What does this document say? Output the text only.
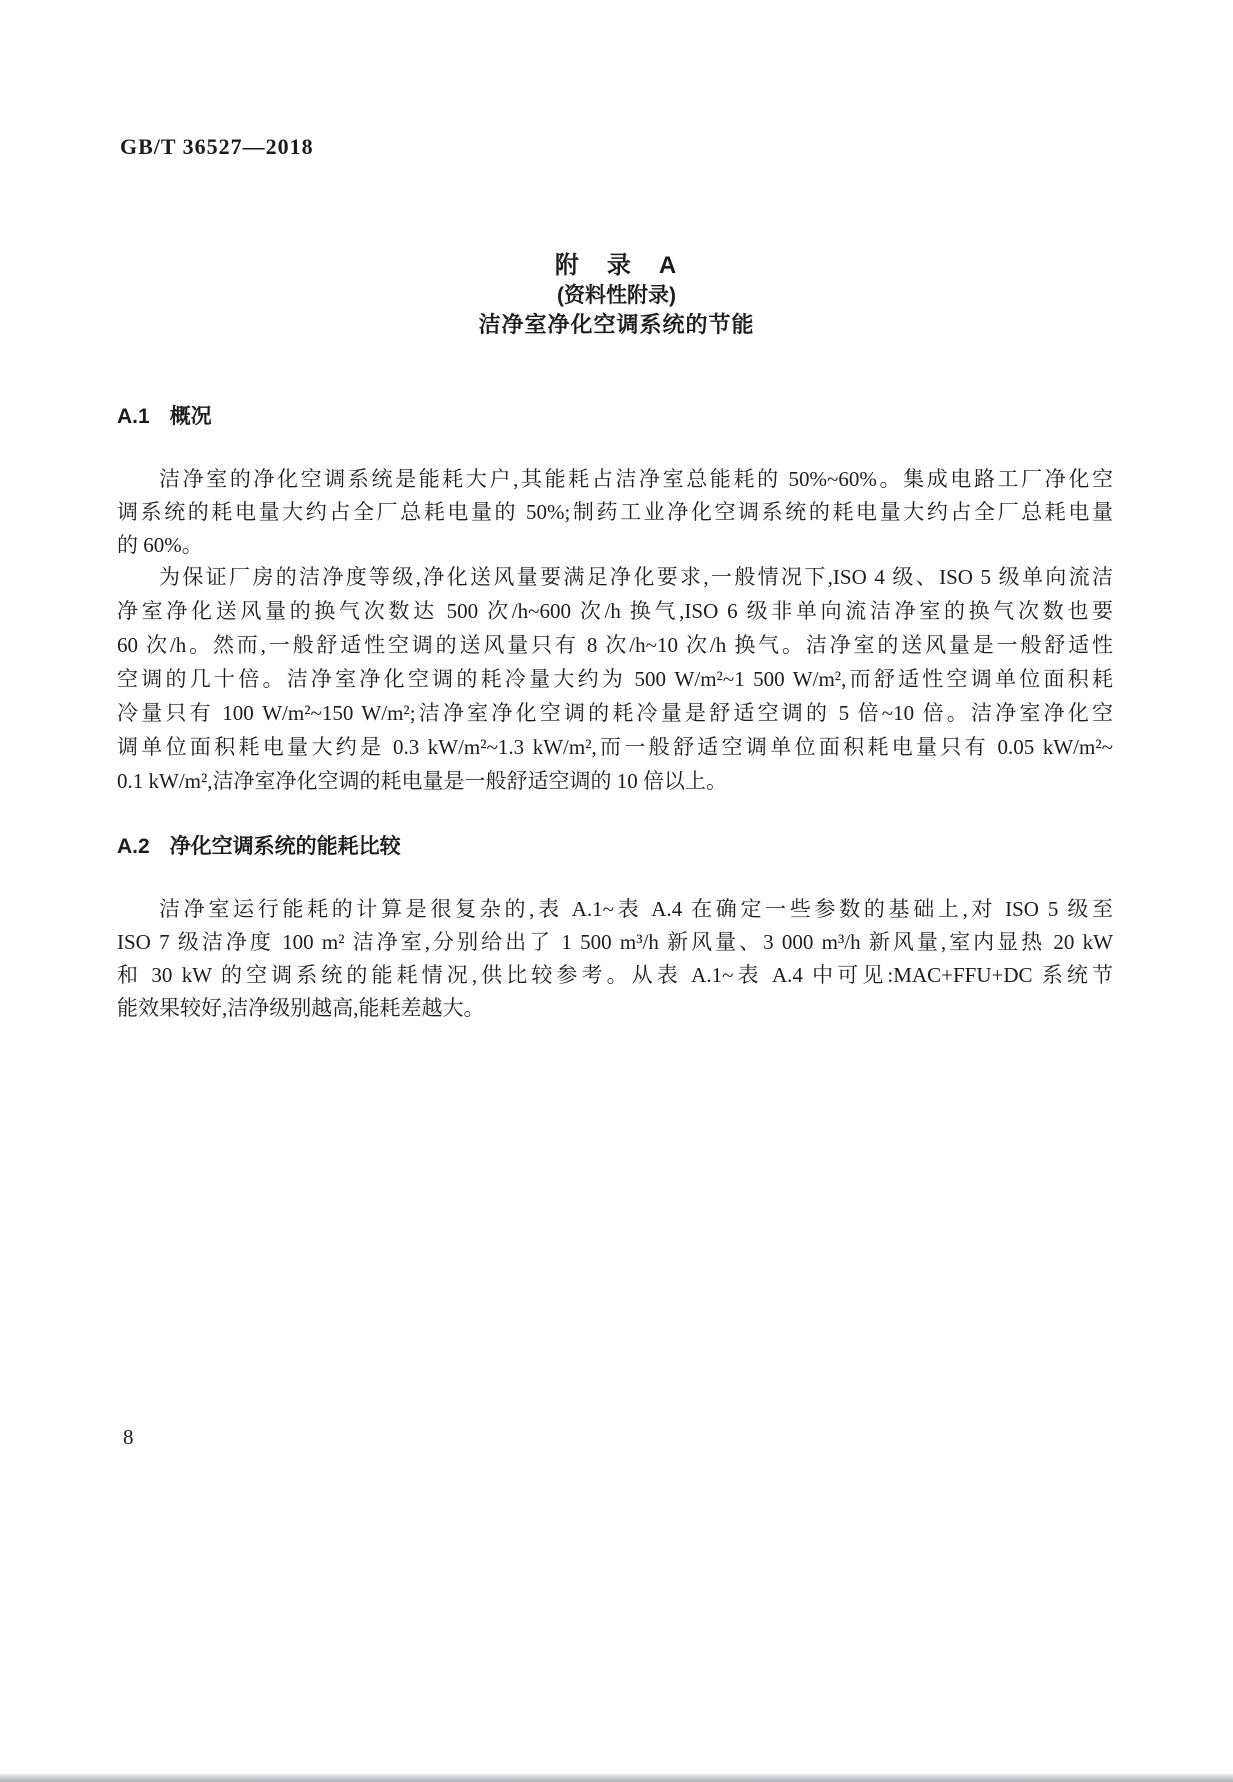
GB/T 36527—2018
附　录　A
(资料性附录)
洁净室净化空调系统的节能
A.1 概况
洁净室的净化空调系统是能耗大户,其能耗占洁净室总能耗的 50%~60%。集成电路工厂净化空
调系统的耗电量大约占全厂总耗电量的 50%;制药工业净化空调系统的耗电量大约占全厂总耗电量
的 60%。
为保证厂房的洁净度等级,净化送风量要满足净化要求,一般情况下,ISO 4 级、ISO 5 级单向流洁
净室净化送风量的换气次数达 500 次/h~600 次/h 换气,ISO 6 级非单向流洁净室的换气次数也要
60 次/h。然而,一般舒适性空调的送风量只有 8 次/h~10 次/h 换气。洁净室的送风量是一般舒适性
空调的几十倍。洁净室净化空调的耗冷量大约为 500 W/m²~1 500 W/m²,而舒适性空调单位面积耗
冷量只有 100 W/m²~150 W/m²;洁净室净化空调的耗冷量是舒适空调的 5 倍~10 倍。洁净室净化空
调单位面积耗电量大约是 0.3 kW/m²~1.3 kW/m²,而一般舒适空调单位面积耗电量只有 0.05 kW/m²~
0.1 kW/m²,洁净室净化空调的耗电量是一般舒适空调的 10 倍以上。
A.2 净化空调系统的能耗比较
洁净室运行能耗的计算是很复杂的,表 A.1~表 A.4 在确定一些参数的基础上,对 ISO 5 级至
ISO 7 级洁净度 100 m² 洁净室,分别给出了 1 500 m³/h 新风量、3 000 m³/h 新风量,室内显热 20 kW
和 30 kW 的空调系统的能耗情况,供比较参考。从表 A.1~表 A.4 中可见:MAC+FFU+DC 系统节
能效果较好,洁净级别越高,能耗差越大。
8
